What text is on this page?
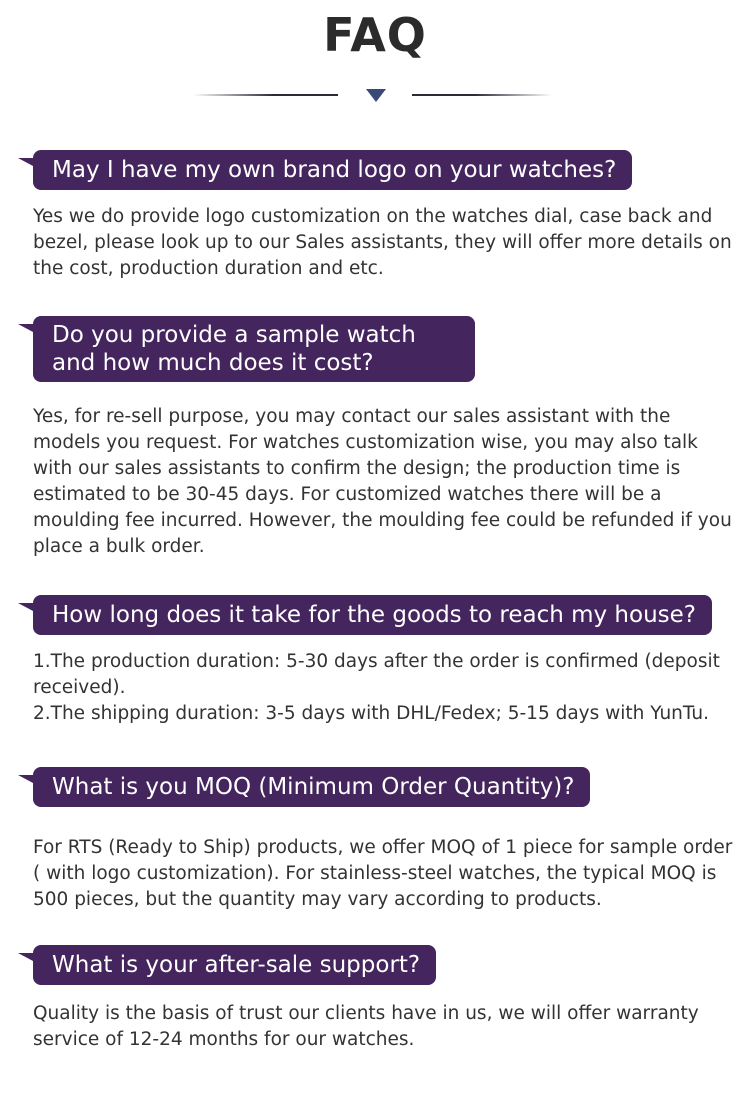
FAQ
May I have my own brand logo on your watches?

Yes we do provide logo customization on the watches dial, case back and bezel, please look up to our Sales assistants, they will offer more details on the cost, production duration and etc.

Do you provide a sample watch and how much does it cost?

Yes, for re-sell purpose, you may contact our sales assistant with the models you request. For watches customization wise, you may also talk with our sales assistants to confirm the design; the production time is estimated to be 30-45 days. For customized watches there will be a moulding fee incurred. However, the moulding fee could be refunded if you place a bulk order.

How long does it take for the goods to reach my house?

1.The production duration: 5-30 days after the order is confirmed (deposit received).

2.The shipping duration: 3-5 days with DHL/Fedex; 5-15 days with YunTu.

What is you MOQ (Minimum Order Quantity)?

For RTS (Ready to Ship) products, we offer MOQ of 1 piece for sample order ( with logo customization). For stainless-steel watches, the typical MOQ is 500 pieces, but the quantity may vary according to products.

What is your after-sale support?

Quality is the basis of trust our clients have in us, we will offer warranty service of 12-24 months for our watches.
